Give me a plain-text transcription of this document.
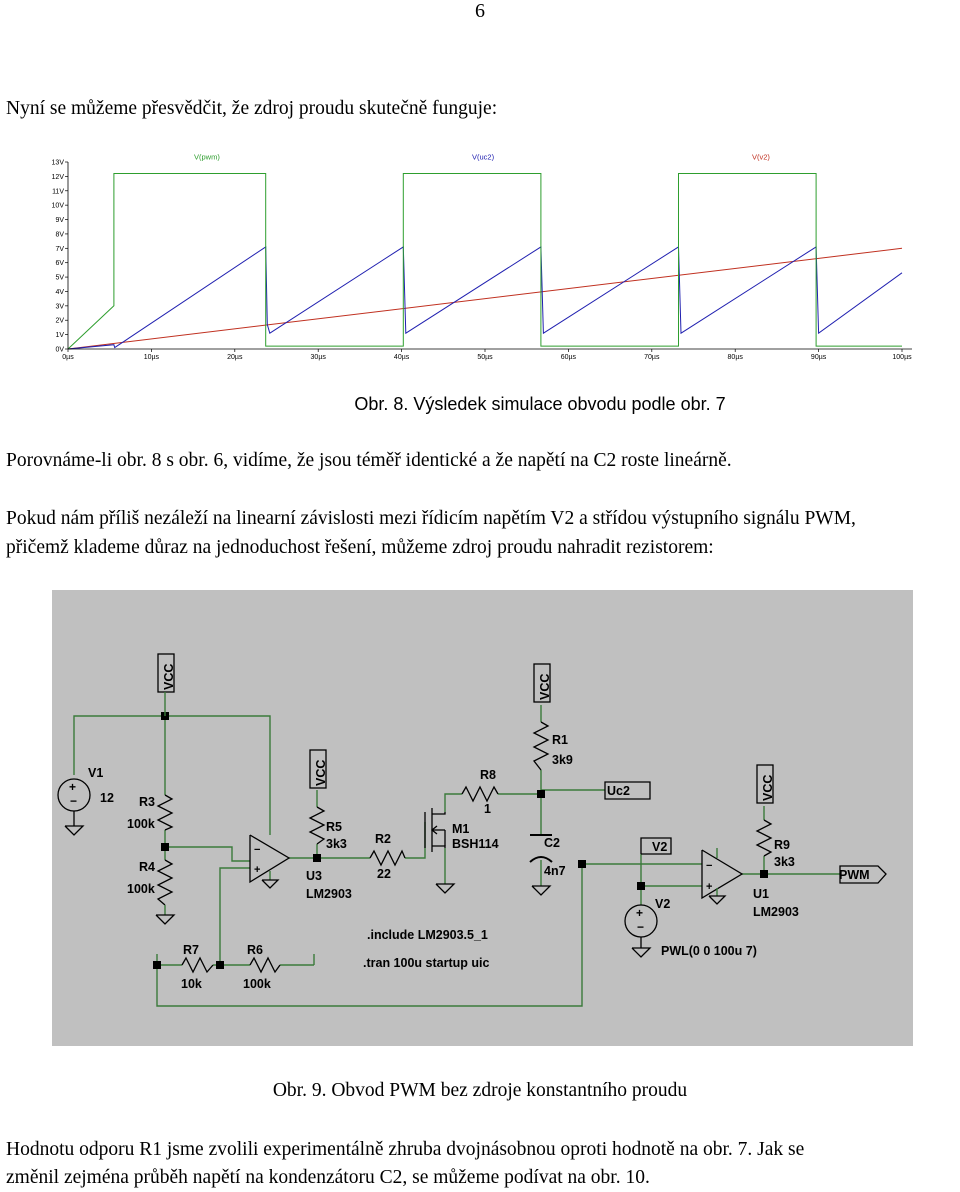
6
Nyní se můžeme přesvědčit, že zdroj proudu skutečně funguje:
0V
1V
2V
3V
4V
5V
6V
7V
8V
9V
10V
11V
12V
13V
0µs	10µs	20µs	30µs	40µs	50µs	60µs	70µs	80µs	90µs	100µs
V(pwm)	V(uc2)	V(v2)
Obr. 8. Výsledek simulace obvodu podle obr. 7
Porovnáme-li obr. 8 s obr. 6, vidíme, že jsou téměř identické a že napětí na C2 roste lineárně.
Pokud nám příliš nezáleží na linearní závislosti mezi řídicím napětím V2 a střídou výstupního signálu PWM,
přičemž klademe důraz na jednoduchost řešení, můžeme zdroj proudu nahradit rezistorem:
+
−
−
+
+
−
−
+
VCC
VCC
VCC
VCC
V1
12 R3
100k
R4
100k
R5
3k3
U3
LM2903
R2
22
R8
1
M1
BSH114
R1
3k9
C2
4n7
Uc2
V2
V2
PWL(0 0 100u 7)
R9
3k3
U1
LM2903
PWM
R7
10k
R6
100k
.include LM2903.5_1
.tran 100u startup uic
Obr. 9. Obvod PWM bez zdroje konstantního proudu
Hodnotu odporu R1 jsme zvolili experimentálně zhruba dvojnásobnou oproti hodnotě na obr. 7. Jak se
změnil zejména průběh napětí na kondenzátoru C2, se můžeme podívat na obr. 10.
